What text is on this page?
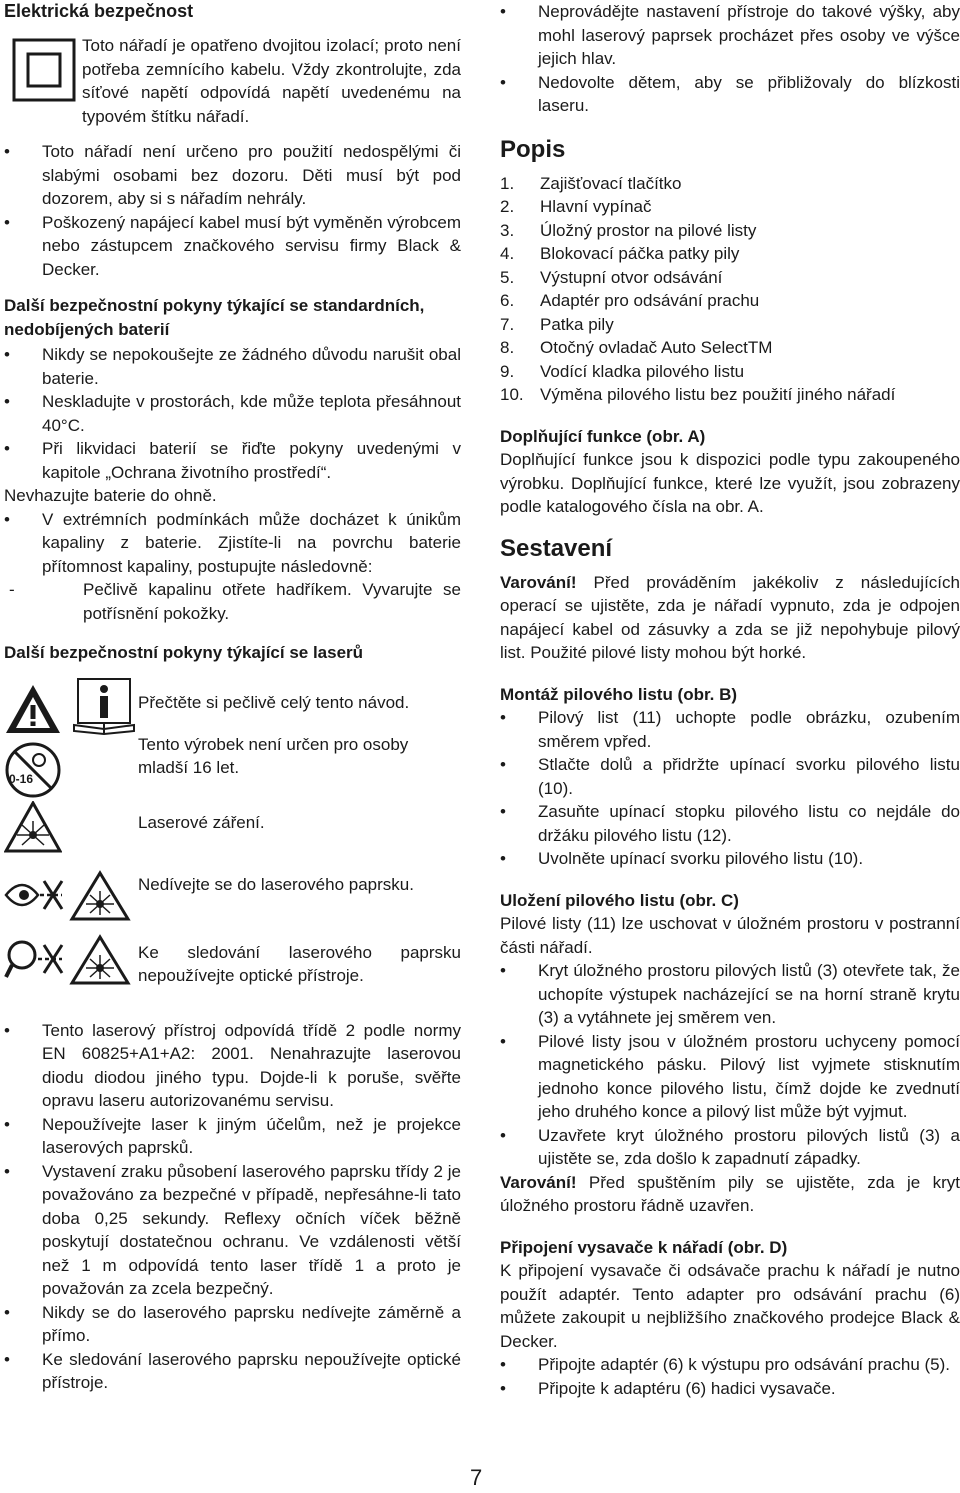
Elektrická bezpečnost

Toto nářadí je opatřeno dvojitou izolací; proto není potřeba zemnícího kabelu. Vždy zkontrolujte, zda síťové napětí odpovídá napětí uvedenému na typovém štítku nářadí.

• Toto nářadí není určeno pro použití nedospělými či slabými osobami bez dozoru. Děti musí být pod dozorem, aby si s nářadím nehrály.
• Poškozený napájecí kabel musí být vyměněn výrobcem nebo zástupcem značkového servisu firmy Black & Decker.
Další bezpečnostní pokyny týkající se standardních, nedobíjených baterií
• Nikdy se nepokoušejte ze žádného důvodu narušit obal baterie.
• Neskladujte v prostorách, kde může teplota přesáhnout 40°C.
• Při likvidaci baterií se řiďte pokyny uvedenými v kapitole „Ochrana životního prostředí“.

Nevhazujte baterie do ohně.

• V extrémních podmínkách může docházet k únikům kapaliny z baterie. Zjistíte-li na povrchu baterie přítomnost kapaliny, postupujte následovně:
- Pečlivě kapalinu otřete hadříkem. Vyvarujte se potřísnění pokožky.
Další bezpečnostní pokyny týkající se laserů

Přečtěte si pečlivě celý tento návod.

0-16

Tento výrobek není určen pro osoby mladší 16 let.

Laserové záření.

Nedívejte se do laserového paprsku.

Ke sledování laserového paprsku nepoužívejte optické přístroje.

• Tento laserový přístroj odpovídá třídě 2 podle normy EN 60825+A1+A2: 2001. Nenahrazujte laserovou diodu diodou jiného typu. Dojde-li k poruše, svěřte opravu laseru autorizovanému servisu.
• Nepoužívejte laser k jiným účelům, než je projekce laserových paprsků.
• Vystavení zraku působení laserového paprsku třídy 2 je považováno za bezpečné v případě, nepřesáhne-li tato doba 0,25 sekundy. Reflexy očních víček běžně poskytují dostatečnou ochranu. Ve vzdálenosti větší než 1 m odpovídá tento laser třídě 1 a proto je považován za zcela bezpečný.
• Nikdy se do laserového paprsku nedívejte záměrně a přímo.
• Ke sledování laserového paprsku nepoužívejte optické přístroje.
• Neprovádějte nastavení přístroje do takové výšky, aby mohl laserový paprsek procházet přes osoby ve výšce jejich hlav.
• Nedovolte dětem, aby se přibližovaly do blízkosti laseru.
Popis
1.	Zajišťovací tlačítko
2.	Hlavní vypínač
3.	Úložný prostor na pilové listy
4.	Blokovací páčka patky pily
5.	Výstupní otvor odsávání
6.	Adaptér pro odsávání prachu
7.	Patka pily
8.	Otočný ovladač Auto SelectTM
9.	Vodící kladka pilového listu
10. Výměna pilového listu bez použití jiného nářadí
Doplňující funkce (obr. A)

Doplňující funkce jsou k dispozici podle typu zakoupeného výrobku. Doplňující funkce, které lze využít, jsou zobrazeny podle katalogového čísla na obr. A.

Sestavení

Varování! Před prováděním jakékoliv z následujících operací se ujistěte, zda je nářadí vypnuto, zda je odpojen napájecí kabel od zásuvky a zda se již nepohybuje pilový list. Použité pilové listy mohou být horké.

Montáž pilového listu (obr. B)
• Pilový list (11) uchopte podle obrázku, ozubením směrem vpřed.
• Stlačte dolů a přidržte upínací svorku pilového listu (10).
• Zasuňte upínací stopku pilového listu co nejdále do držáku pilového listu (12).
• Uvolněte upínací svorku pilového listu (10).
Uložení pilového listu (obr. C)

Pilové listy (11) lze uschovat v úložném prostoru v postranní části nářadí.

• Kryt úložného prostoru pilových listů (3) otevřete tak, že uchopíte výstupek nacházející se na horní straně krytu (3) a vytáhnete jej směrem ven.
• Pilové listy jsou v úložném prostoru uchyceny pomocí magnetického pásku. Pilový list vyjmete stisknutím jednoho konce pilového listu, čímž dojde ke zvednutí jeho druhého konce a pilový list může být vyjmut.
• Uzavřete kryt úložného prostoru pilových listů (3) a ujistěte se, zda došlo k zapadnutí západky.

Varování! Před spuštěním pily se ujistěte, zda je kryt úložného prostoru řádně uzavřen.

Připojení vysavače k nářadí (obr. D)

K připojení vysavače či odsávače prachu k nářadí je nutno použít adaptér. Tento adapter pro odsávání prachu (6) můžete zakoupit u nejbližšího značkového prodejce Black & Decker.

• Připojte adaptér (6) k výstupu pro odsávání prachu (5).
• Připojte k adaptéru (6) hadici vysavače.
7
